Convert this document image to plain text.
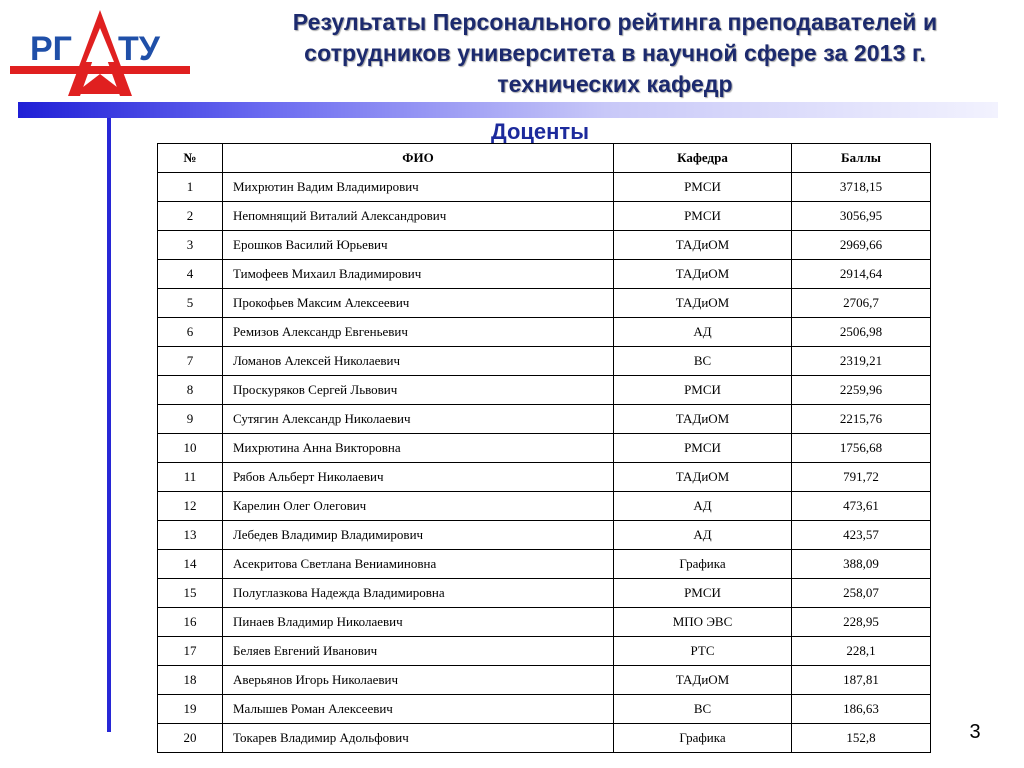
РГ ТУ
Результаты Персонального рейтинга преподавателей и
сотрудников университета в научной сфере за 2013 г.
технических кафедр
Доценты
№	ФИО	Кафедра	Баллы
1	Михрютин Вадим Владимирович	РМСИ	3718,15
2	Непомнящий Виталий Александрович	РМСИ	3056,95
3	Ерошков Василий Юрьевич	ТАДиОМ	2969,66
4	Тимофеев Михаил Владимирович	ТАДиОМ	2914,64
5	Прокофьев Максим Алексеевич	ТАДиОМ	2706,7
6	Ремизов Александр Евгеньевич	АД	2506,98
7	Ломанов Алексей Николаевич	ВС	2319,21
8	Проскуряков Сергей Львович	РМСИ	2259,96
9	Сутягин Александр Николаевич	ТАДиОМ	2215,76
10	Михрютина Анна Викторовна	РМСИ	1756,68
11	Рябов Альберт Николаевич	ТАДиОМ	791,72
12	Карелин Олег Олегович	АД	473,61
13	Лебедев Владимир Владимирович	АД	423,57
14	Асекритова Светлана Вениаминовна	Графика	388,09
15	Полуглазкова Надежда Владимировна	РМСИ	258,07
16	Пинаев Владимир Николаевич	МПО ЭВС	228,95
17	Беляев Евгений Иванович	РТС	228,1
18	Аверьянов Игорь Николаевич	ТАДиОМ	187,81
19	Малышев Роман Алексеевич	ВС	186,63
20	Токарев Владимир Адольфович	Графика	152,8	3
